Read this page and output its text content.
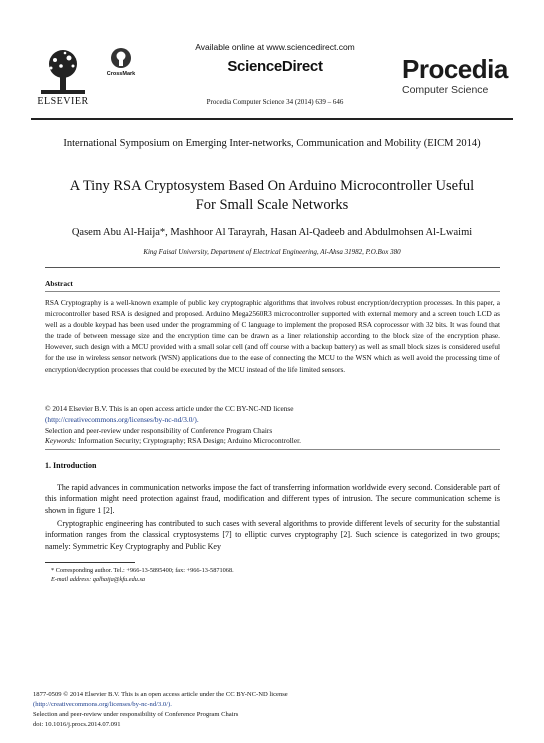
ELSEVIER
Available online at www.sciencedirect.com
CrossMark	ScienceDirect
Procedia Computer Science 34 (2014) 639 – 646
Procedia
Computer Science
International Symposium on Emerging Inter-networks, Communication and Mobility (EICM 2014)
A Tiny RSA Cryptosystem Based On Arduino Microcontroller Useful For Small Scale Networks
Qasem Abu Al-Haija*, Mashhoor Al Tarayrah, Hasan Al-Qadeeb and Abdulmohsen Al-Lwaimi
King Faisal University, Department of Electrical Engineering, Al-Ahsa 31982, P.O.Box 380
Abstract
RSA Cryptography is a well-known example of public key cryptographic algorithms that involves robust encryption/decryption processes. In this paper, a microcontroller based RSA is designed and proposed. Arduino Mega2560R3 microcontroller supported with external memory and a screen touch LCD as well as a double keypad has been used under the programming of C language to implement the proposed RSA coprocessor with 32 bits. It was found that the trade of between message size and the encryption time can be drawn as a liner relationship according to the block size of the encryption phase. However, such design with a MCU provided with a small solar cell (and off course with a backup battery) as well as small block sizes is considered useful for the use in wireless sensor network (WSN) applications due to the ease of connecting the MCU to the WSN which as well avoid the processing time of encryption/decryption processes that could be executed by the MCU instead of the life limited sensors.
© 2014 Elsevier B.V. This is an open access article under the CC BY-NC-ND license
(http://creativecommons.org/licenses/by-nc-nd/3.0/).
Selection and peer-review under responsibility of Conference Program Chairs
Keywords: Information Security; Cryptography; RSA Design; Arduino Microcontroller.
1. Introduction
The rapid advances in communication networks impose the fact of transferring information worldwide every second. Considerable part of this information might need protection against fraud, modification and different types of intrusion. The secure communication scheme is shown in figure 1 [2].
Cryptographic engineering has contributed to such cases with several algorithms to provide different levels of security for the substantial information ranges from the classical cryptosystems [7] to elliptic curves cryptography [2]. Such science is categorized in two groups; namely: Symmetric Key Cryptography and Public Key
* Corresponding author. Tel.: +966-13-5895400; fax: +966-13-5871068.
E-mail address: qalhaija@kfu.edu.sa
1877-0509 © 2014 Elsevier B.V. This is an open access article under the CC BY-NC-ND license
(http://creativecommons.org/licenses/by-nc-nd/3.0/).
Selection and peer-review under responsibility of Conference Program Chairs
doi: 10.1016/j.procs.2014.07.091
